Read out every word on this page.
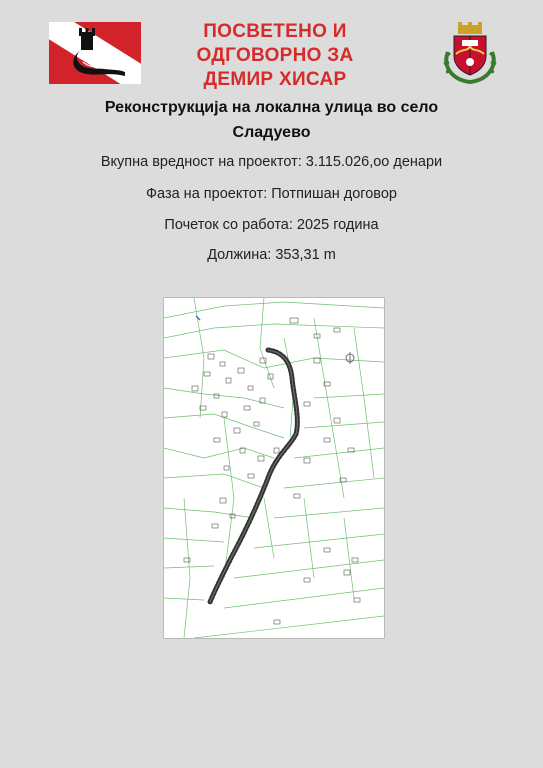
ПОСВЕТЕНО И
ОДГОВОРНО ЗА
ДЕМИР ХИСАР
Реконструкција на локална улица во село
Сладуево
Вкупна вредност на проектот: 3.115.026,оо денари
Фаза на проектот: Потпишан договор
Почеток со работа: 2025 година
Должина: 353,31 m
